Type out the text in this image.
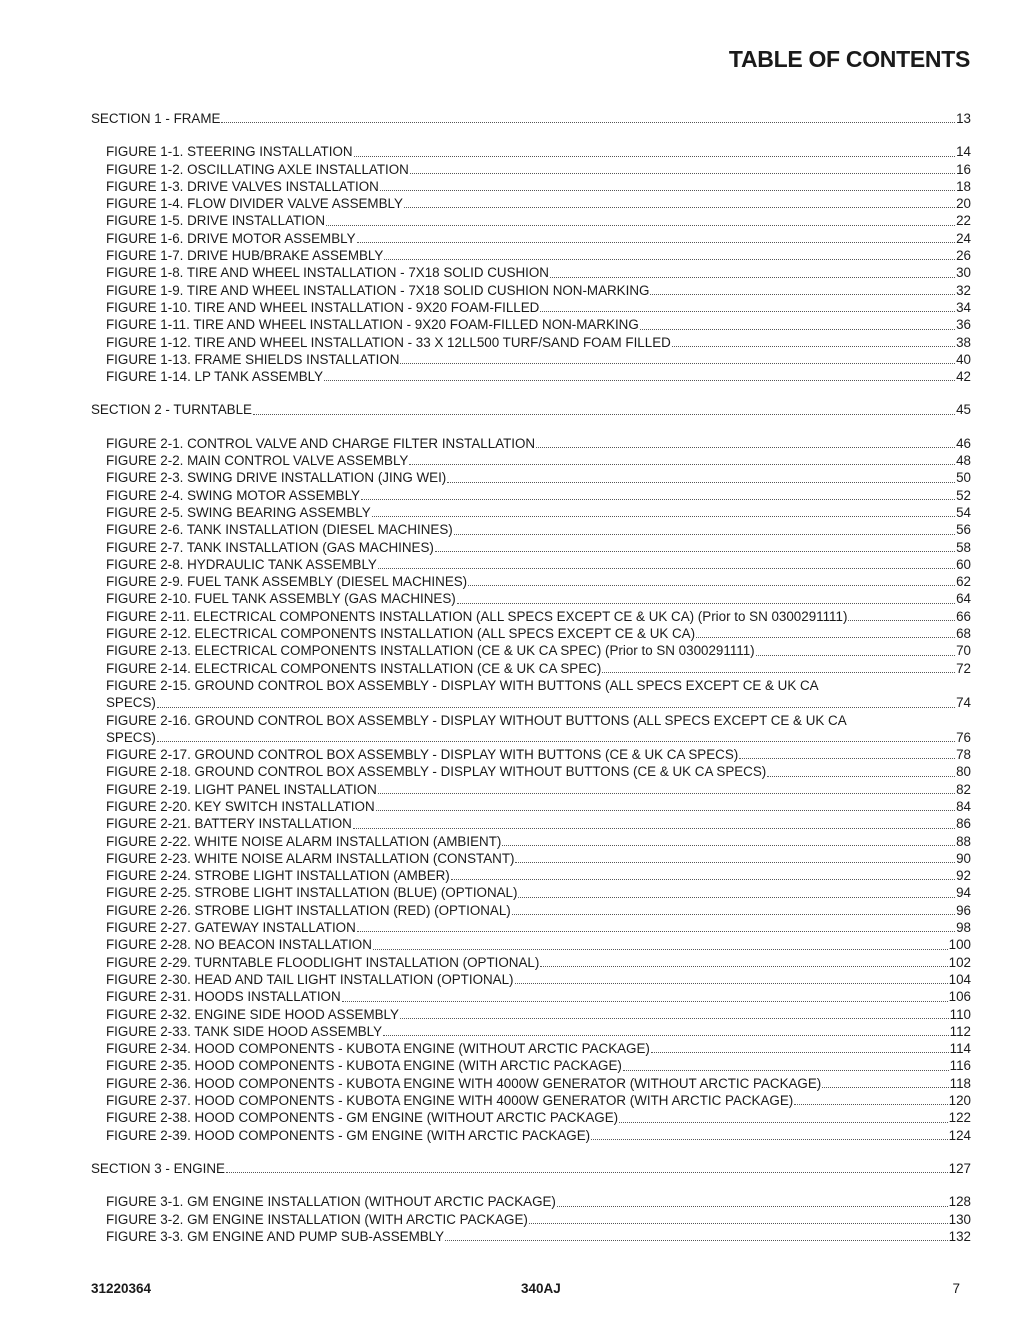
TABLE OF CONTENTS
SECTION 1 - FRAME	13
FIGURE 1-1. STEERING INSTALLATION	14
FIGURE 1-2. OSCILLATING AXLE INSTALLATION	16
FIGURE 1-3. DRIVE VALVES INSTALLATION	18
FIGURE 1-4. FLOW DIVIDER VALVE ASSEMBLY	20
FIGURE 1-5. DRIVE INSTALLATION	22
FIGURE 1-6. DRIVE MOTOR ASSEMBLY	24
FIGURE 1-7. DRIVE HUB/BRAKE ASSEMBLY	26
FIGURE 1-8. TIRE AND WHEEL INSTALLATION - 7X18 SOLID CUSHION	30
FIGURE 1-9. TIRE AND WHEEL INSTALLATION - 7X18 SOLID CUSHION NON-MARKING	32
FIGURE 1-10. TIRE AND WHEEL INSTALLATION - 9X20 FOAM-FILLED	34
FIGURE 1-11. TIRE AND WHEEL INSTALLATION - 9X20 FOAM-FILLED NON-MARKING	36
FIGURE 1-12. TIRE AND WHEEL INSTALLATION - 33 X 12LL500 TURF/SAND FOAM FILLED	38
FIGURE 1-13. FRAME SHIELDS INSTALLATION	40
FIGURE 1-14. LP TANK ASSEMBLY	42
SECTION 2 - TURNTABLE	45
FIGURE 2-1. CONTROL VALVE AND CHARGE FILTER INSTALLATION	46
FIGURE 2-2. MAIN CONTROL VALVE ASSEMBLY	48
FIGURE 2-3. SWING DRIVE INSTALLATION (JING WEI)	50
FIGURE 2-4. SWING MOTOR ASSEMBLY	52
FIGURE 2-5. SWING BEARING ASSEMBLY	54
FIGURE 2-6. TANK INSTALLATION (DIESEL MACHINES)	56
FIGURE 2-7. TANK INSTALLATION (GAS MACHINES)	58
FIGURE 2-8. HYDRAULIC TANK ASSEMBLY	60
FIGURE 2-9. FUEL TANK ASSEMBLY (DIESEL MACHINES)	62
FIGURE 2-10. FUEL TANK ASSEMBLY (GAS MACHINES)	64
FIGURE 2-11. ELECTRICAL COMPONENTS INSTALLATION (ALL SPECS EXCEPT CE & UK CA) (Prior to SN 0300291111)	66
FIGURE 2-12. ELECTRICAL COMPONENTS INSTALLATION (ALL SPECS EXCEPT CE & UK CA)	68
FIGURE 2-13. ELECTRICAL COMPONENTS INSTALLATION (CE & UK CA SPEC) (Prior to SN 0300291111)	70
FIGURE 2-14. ELECTRICAL COMPONENTS INSTALLATION (CE & UK CA SPEC)	72
FIGURE 2-15. GROUND CONTROL BOX ASSEMBLY - DISPLAY WITH BUTTONS (ALL SPECS EXCEPT CE & UK CA
SPECS)	74
FIGURE 2-16. GROUND CONTROL BOX ASSEMBLY - DISPLAY WITHOUT BUTTONS (ALL SPECS EXCEPT CE & UK CA
SPECS)	76
FIGURE 2-17. GROUND CONTROL BOX ASSEMBLY - DISPLAY WITH BUTTONS (CE & UK CA SPECS)	78
FIGURE 2-18. GROUND CONTROL BOX ASSEMBLY - DISPLAY WITHOUT BUTTONS (CE & UK CA SPECS)	80
FIGURE 2-19. LIGHT PANEL INSTALLATION	82
FIGURE 2-20. KEY SWITCH INSTALLATION	84
FIGURE 2-21. BATTERY INSTALLATION	86
FIGURE 2-22. WHITE NOISE ALARM INSTALLATION (AMBIENT)	88
FIGURE 2-23. WHITE NOISE ALARM INSTALLATION (CONSTANT)	90
FIGURE 2-24. STROBE LIGHT INSTALLATION (AMBER)	92
FIGURE 2-25. STROBE LIGHT INSTALLATION (BLUE) (OPTIONAL)	94
FIGURE 2-26. STROBE LIGHT INSTALLATION (RED) (OPTIONAL)	96
FIGURE 2-27. GATEWAY INSTALLATION	98
FIGURE 2-28. NO BEACON INSTALLATION	100
FIGURE 2-29. TURNTABLE FLOODLIGHT INSTALLATION (OPTIONAL)	102
FIGURE 2-30. HEAD AND TAIL LIGHT INSTALLATION (OPTIONAL)	104
FIGURE 2-31. HOODS INSTALLATION	106
FIGURE 2-32. ENGINE SIDE HOOD ASSEMBLY	110
FIGURE 2-33. TANK SIDE HOOD ASSEMBLY	112
FIGURE 2-34. HOOD COMPONENTS - KUBOTA ENGINE (WITHOUT ARCTIC PACKAGE)	114
FIGURE 2-35. HOOD COMPONENTS - KUBOTA ENGINE (WITH ARCTIC PACKAGE)	116
FIGURE 2-36. HOOD COMPONENTS - KUBOTA ENGINE WITH 4000W GENERATOR (WITHOUT ARCTIC PACKAGE)	118
FIGURE 2-37. HOOD COMPONENTS - KUBOTA ENGINE WITH 4000W GENERATOR (WITH ARCTIC PACKAGE)	120
FIGURE 2-38. HOOD COMPONENTS - GM ENGINE (WITHOUT ARCTIC PACKAGE)	122
FIGURE 2-39. HOOD COMPONENTS - GM ENGINE (WITH ARCTIC PACKAGE)	124
SECTION 3 - ENGINE	127
FIGURE 3-1. GM ENGINE INSTALLATION (WITHOUT ARCTIC PACKAGE)	128
FIGURE 3-2. GM ENGINE INSTALLATION (WITH ARCTIC PACKAGE)	130
FIGURE 3-3. GM ENGINE AND PUMP SUB-ASSEMBLY	132
31220364	340AJ	7
